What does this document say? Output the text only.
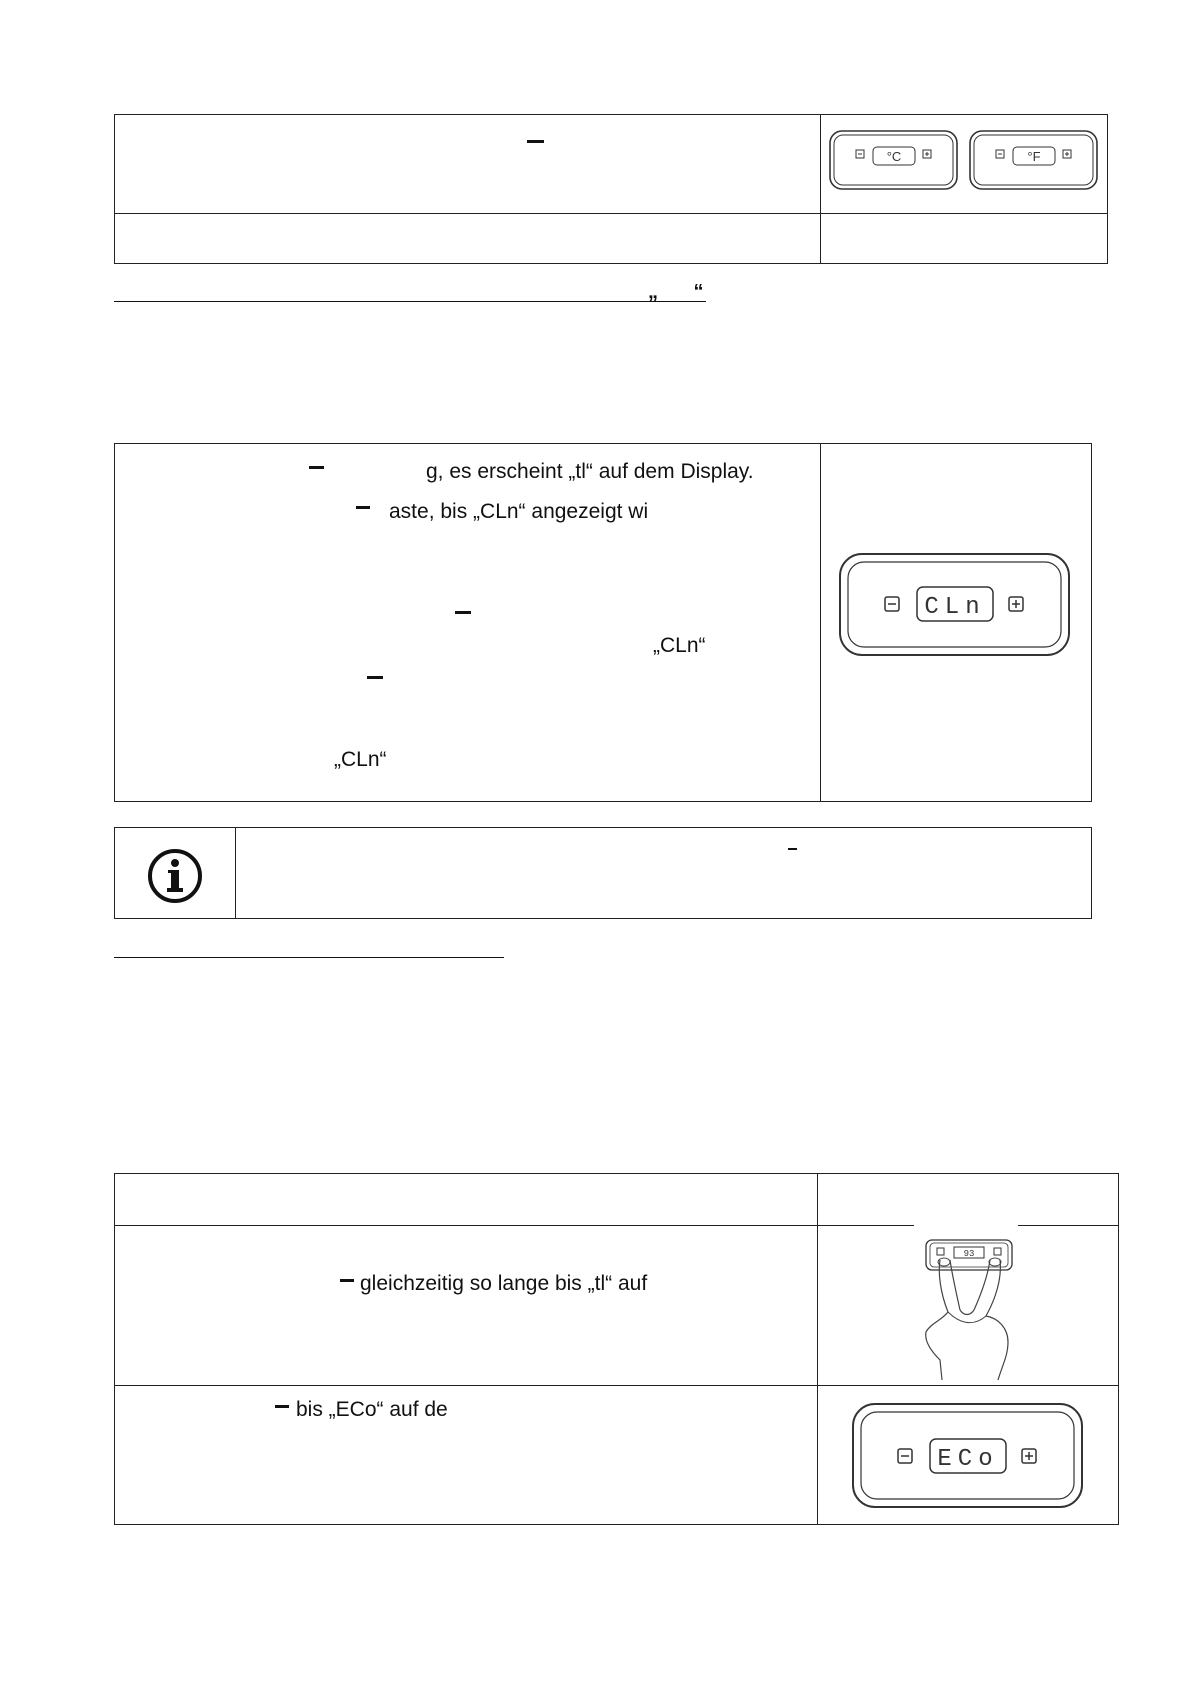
°C	°F
„ “
g, es erscheint „tl“ auf dem Display.
aste, bis „CLn“ angezeigt wi
„CLn“
„CLn“
CLn
gleichzeitig so lange bis „tl“ auf
bis „ECo“ auf de
93
ECo
